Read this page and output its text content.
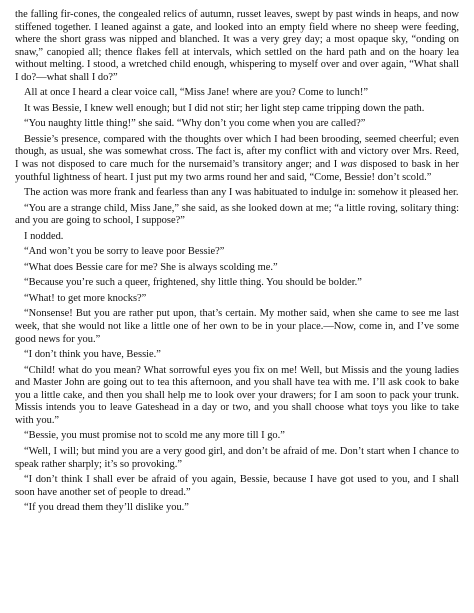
the falling fir-cones, the congealed relics of autumn, russet leaves, swept by past winds in heaps, and now stiffened together. I leaned against a gate, and looked into an empty field where no sheep were feeding, where the short grass was nipped and blanched. It was a very grey day; a most opaque sky, “onding on snaw,” canopied all; thence flakes fell at intervals, which settled on the hard path and on the hoary lea without melting. I stood, a wretched child enough, whispering to myself over and over again, “What shall I do?—what shall I do?”

All at once I heard a clear voice call, “Miss Jane! where are you? Come to lunch!”

It was Bessie, I knew well enough; but I did not stir; her light step came tripping down the path.

“You naughty little thing!” she said. “Why don’t you come when you are called?”

Bessie’s presence, compared with the thoughts over which I had been brooding, seemed cheerful; even though, as usual, she was somewhat cross. The fact is, after my conflict with and victory over Mrs. Reed, I was not disposed to care much for the nursemaid’s transitory anger; and I was disposed to bask in her youthful lightness of heart. I just put my two arms round her and said, “Come, Bessie! don’t scold.”

The action was more frank and fearless than any I was habituated to indulge in: somehow it pleased her.

“You are a strange child, Miss Jane,” she said, as she looked down at me; “a little roving, solitary thing: and you are going to school, I suppose?”

I nodded.

“And won’t you be sorry to leave poor Bessie?”

“What does Bessie care for me? She is always scolding me.”

“Because you’re such a queer, frightened, shy little thing. You should be bolder.”

“What! to get more knocks?”

“Nonsense! But you are rather put upon, that’s certain. My mother said, when she came to see me last week, that she would not like a little one of her own to be in your place.—Now, come in, and I’ve some good news for you.”

“I don’t think you have, Bessie.”

“Child! what do you mean? What sorrowful eyes you fix on me! Well, but Missis and the young ladies and Master John are going out to tea this afternoon, and you shall have tea with me. I’ll ask cook to bake you a little cake, and then you shall help me to look over your drawers; for I am soon to pack your trunk. Missis intends you to leave Gateshead in a day or two, and you shall choose what toys you like to take with you.”

“Bessie, you must promise not to scold me any more till I go.”

“Well, I will; but mind you are a very good girl, and don’t be afraid of me. Don’t start when I chance to speak rather sharply; it’s so provoking.”

“I don’t think I shall ever be afraid of you again, Bessie, because I have got used to you, and I shall soon have another set of people to dread.”

“If you dread them they’ll dislike you.”
